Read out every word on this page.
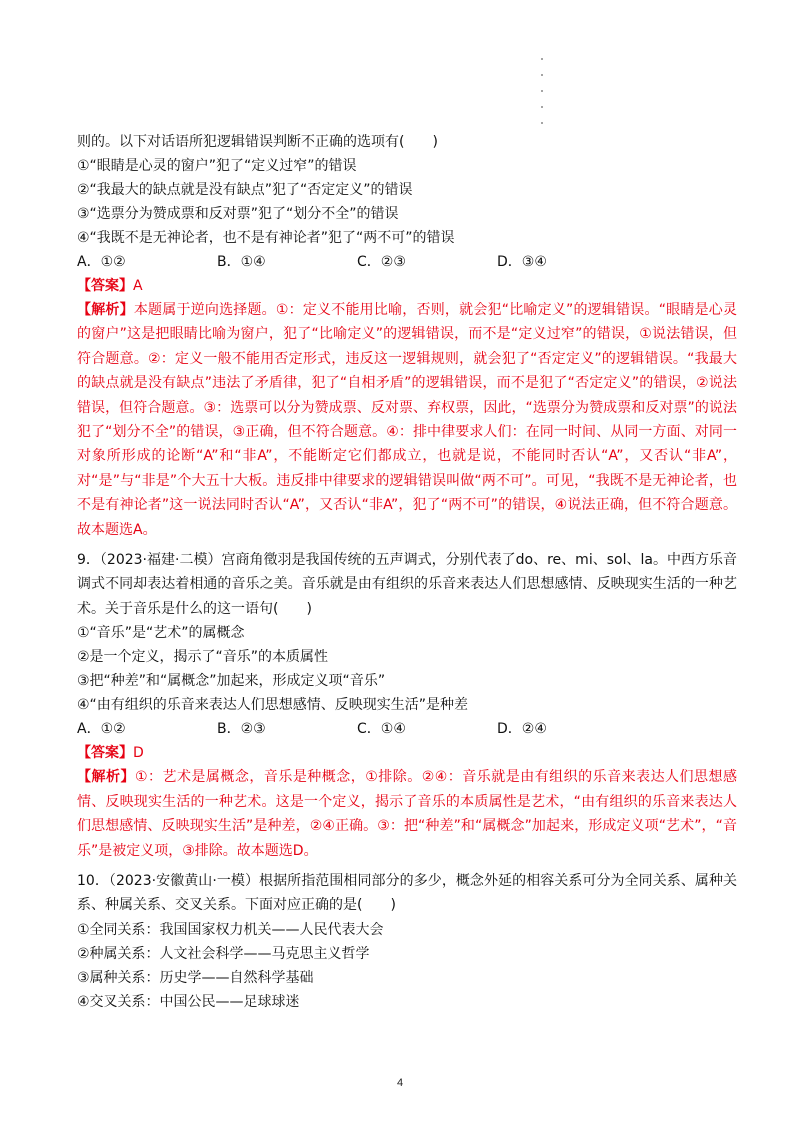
则的。以下对话语所犯逻辑错误判断不正确的选项有(　　)
①“眼睛是心灵的窗户”犯了“定义过窄”的错误
②“我最大的缺点就是没有缺点”犯了“否定定义”的错误
③“选票分为赞成票和反对票”犯了“划分不全”的错误
④“我既不是无神论者，也不是有神论者”犯了“两不可”的错误
A．①②	B．①④	C．②③	D．③④
【答案】A
【解析】本题属于逆向选择题。①：定义不能用比喻，否则，就会犯“比喻定义”的逻辑错误。“眼睛是心灵的窗户”这是把眼睛比喻为窗户，犯了“比喻定义”的逻辑错误，而不是“定义过窄”的错误，①说法错误，但符合题意。②：定义一般不能用否定形式，违反这一逻辑规则，就会犯了“否定定义”的逻辑错误。“我最大的缺点就是没有缺点”违法了矛盾律，犯了“自相矛盾”的逻辑错误，而不是犯了“否定定义”的错误，②说法错误，但符合题意。③：选票可以分为赞成票、反对票、弃权票，因此，“选票分为赞成票和反对票”的说法犯了“划分不全”的错误，③正确，但不符合题意。④：排中律要求人们：在同一时间、从同一方面、对同一对象所形成的论断“A”和“非A”，不能断定它们都成立，也就是说，不能同时否认“A”，又否认“非A”，对“是”与“非是”个大五十大板。违反排中律要求的逻辑错误叫做“两不可”。可见，“我既不是无神论者，也不是有神论者”这一说法同时否认“A”，又否认“非A”，犯了“两不可”的错误，④说法正确，但不符合题意。故本题选A。
9．（2023·福建·二模）宫商角徵羽是我国传统的五声调式，分别代表了do、re、mi、sol、la。中西方乐音调式不同却表达着相通的音乐之美。音乐就是由有组织的乐音来表达人们思想感情、反映现实生活的一种艺术。关于音乐是什么的这一语句(　　)
①“音乐”是“艺术”的属概念
②是一个定义，揭示了“音乐”的本质属性
③把“种差”和“属概念”加起来，形成定义项“音乐”
④“由有组织的乐音来表达人们思想感情、反映现实生活”是种差
A．①②	B．②③	C．①④	D．②④
【答案】D
【解析】①：艺术是属概念，音乐是种概念，①排除。②④：音乐就是由有组织的乐音来表达人们思想感情、反映现实生活的一种艺术。这是一个定义，揭示了音乐的本质属性是艺术，“由有组织的乐音来表达人们思想感情、反映现实生活”是种差，②④正确。③：把“种差”和“属概念”加起来，形成定义项“艺术”，“音乐”是被定义项，③排除。故本题选D。
10．（2023·安徽黄山·一模）根据所指范围相同部分的多少，概念外延的相容关系可分为全同关系、属种关系、种属关系、交叉关系。下面对应正确的是(　　)
①全同关系：我国国家权力机关——人民代表大会
②种属关系：人文社会科学——马克思主义哲学
③属种关系：历史学——自然科学基础
④交叉关系：中国公民——足球球迷
4
